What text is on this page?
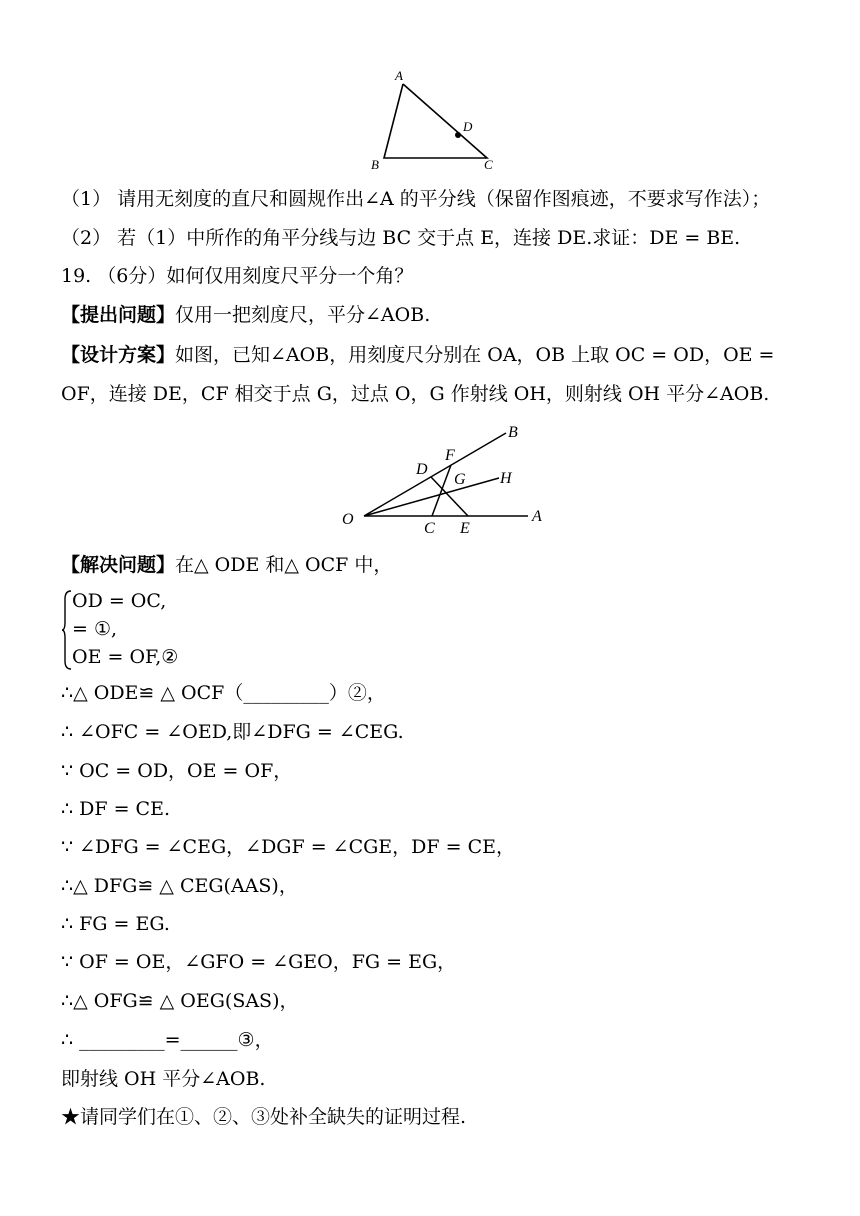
A
B	C
D
（1） 请用无刻度的直尺和圆规作出∠A 的平分线（保留作图痕迹，不要求写作法）；
（2） 若（1）中所作的角平分线与边 BC 交于点 E，连接 DE.求证：DE = BE.
19. （6分）如何仅用刻度尺平分一个角？
【提出问题】仅用一把刻度尺，平分∠AOB.
【设计方案】如图，已知∠AOB，用刻度尺分别在 OA，OB 上取 OC = OD，OE =
OF，连接 DE，CF 相交于点 G，过点 O，G 作射线 OH，则射线 OH 平分∠AOB.
O	A
B
C
D
E
F
G H
【解决问题】在△ ODE 和△ OCF 中，
OD = OC,
= ①,
OE = OF,②
∴△ ODE≌ △ OCF（_________）②，
∴ ∠OFC = ∠OED,即∠DFG = ∠CEG.
∵ OC = OD，OE = OF，
∴ DF = CE.
∵ ∠DFG = ∠CEG，∠DGF = ∠CGE，DF = CE，
∴△ DFG≌ △ CEG(AAS)，
∴ FG = EG.
∵ OF = OE，∠GFO = ∠GEO，FG = EG，
∴△ OFG≌ △ OEG(SAS)，
∴ _________=______③，
即射线 OH 平分∠AOB.
★请同学们在①、②、③处补全缺失的证明过程.
